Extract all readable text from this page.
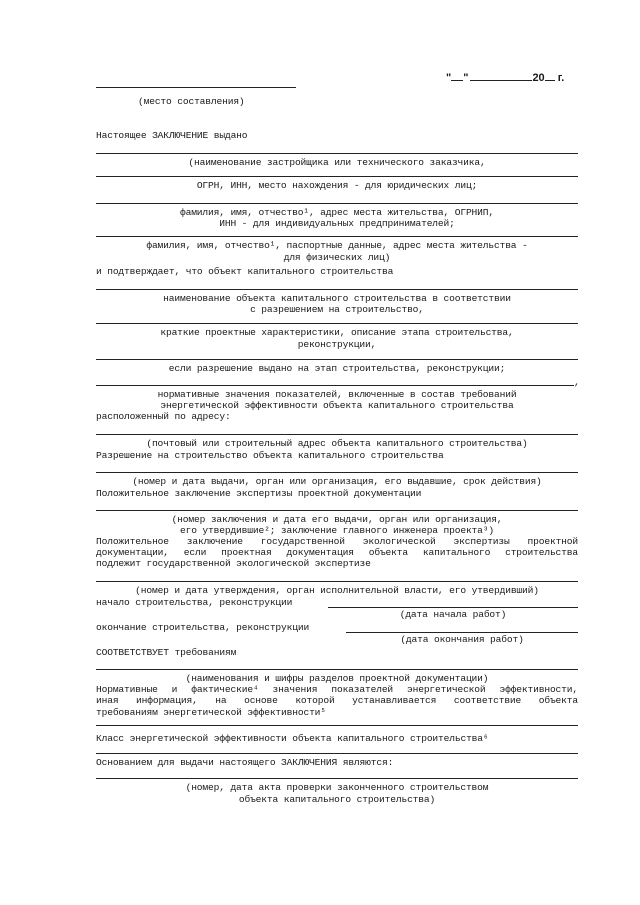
" "	20 г.
(место составления)
Настоящее ЗАКЛЮЧЕНИЕ выдано
(наименование застройщика или технического заказчика,
ОГРН, ИНН, место нахождения - для юридических лиц;
фамилия, имя, отчество¹, адрес места жительства, ОГРНИП,
ИНН - для индивидуальных предпринимателей;
фамилия, имя, отчество¹, паспортные данные, адрес места жительства -
для физических лиц)
и подтверждает, что объект капитального строительства
наименование объекта капитального строительства в соответствии
с разрешением на строительство,
краткие проектные характеристики, описание этапа строительства,
реконструкции,
если разрешение выдано на этап строительства, реконструкции;
,
нормативные значения показателей, включенные в состав требований
энергетической эффективности объекта капитального строительства
расположенный по адресу:
(почтовый или строительный адрес объекта капитального строительства)
Разрешение на строительство объекта капитального строительства
(номер и дата выдачи, орган или организация, его выдавшие, срок действия)
Положительное заключение экспертизы проектной документации
(номер заключения и дата его выдачи, орган или организация,
его утвердившие²; заключение главного инженера проекта³)
Положительное заключение государственной экологической экспертизы проектной
документации, если проектная документация объекта капитального строительства
подлежит государственной экологической экспертизе
(номер и дата утверждения, орган исполнительной власти, его утвердивший)
начало строительства, реконструкции
(дата начала работ)
окончание строительства, реконструкции
(дата окончания работ)
СООТВЕТСТВУЕТ требованиям
(наименования и шифры разделов проектной документации)
Нормативные и фактические⁴ значения показателей энергетической эффективности,
иная информация, на основе которой устанавливается соответствие объекта
требованиям энергетической эффективности⁵
Класс энергетической эффективности объекта капитального строительства⁶
Основанием для выдачи настоящего ЗАКЛЮЧЕНИЯ являются:
(номер, дата акта проверки законченного строительством
объекта капитального строительства)
